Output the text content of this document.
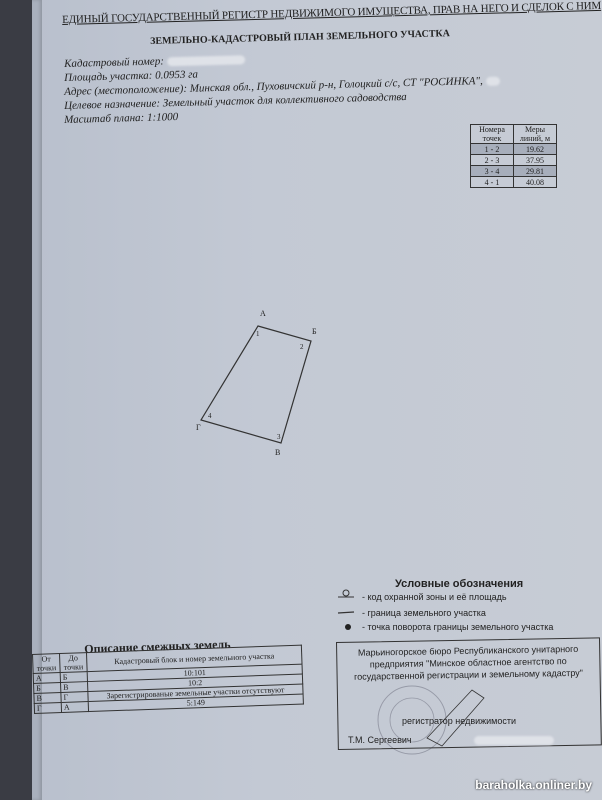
ЕДИНЫЙ ГОСУДАРСТВЕННЫЙ РЕГИСТР НЕДВИЖИМОГО ИМУЩЕСТВА, ПРАВ НА НЕГО И СДЕЛОК С НИМ
ЗЕМЕЛЬНО-КАДАСТРОВЫЙ ПЛАН ЗЕМЕЛЬНОГО УЧАСТКА
Кадастровый номер:
Площадь участка: 0.0953 га
Адрес (местоположение): Минская обл., Пуховичский р-н, Голоцкий с/с, СТ "РОСИНКА",
Целевое назначение: Земельный участок для коллективного садоводства
Масштаб плана: 1:1000
Номера точек	Меры линий, м
1 - 2	19.62
2 - 3	37.95
3 - 4	29.81
4 - 1	40.08
А
Б
В
Г
1
2
3
4
Условные обозначения
- код охранной зоны и её площадь
- граница земельного участка
- точка поворота границы земельного участка
Описание смежных земель
От точки	До точки	Кадастровый блок и номер земельного участка
А	Б	10:101
Б	В	10:2
В	Г	Зарегистрированые земельные участки отсутствуют
Г	А	5:149
Марьиногорское бюро Республиканского унитарного предприятия "Минское областное агентство по государственной регистрации и земельному кадастру"
регистратор недвижимости
Т.М. Сергеевич
baraholka.onliner.by
